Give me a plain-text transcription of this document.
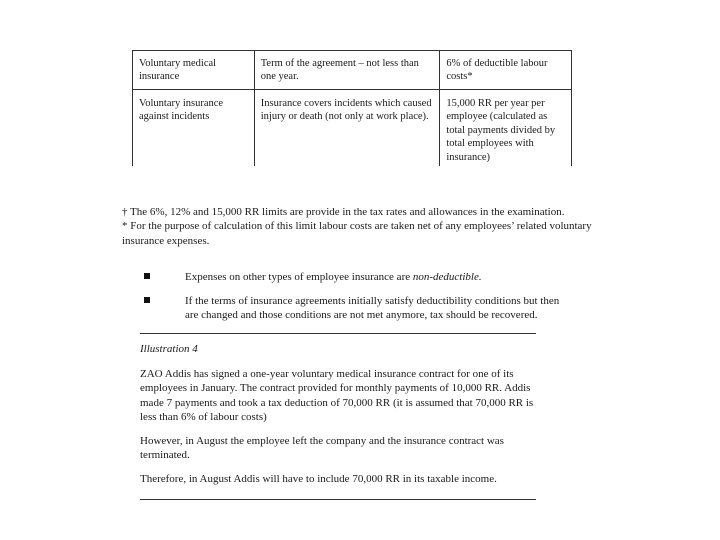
Voluntary medical insurance	Term of the agreement – not less than one year.	6% of deductible labour costs*
Voluntary insurance against incidents	Insurance covers incidents which caused injury or death (not only at work place).	15,000 RR per year per employee (calculated as total payments divided by total employees with insurance)

† The 6%, 12% and 15,000 RR limits are provide in the tax rates and allowances in the examination.

* For the purpose of calculation of this limit labour costs are taken net of any employees’ related voluntary insurance expenses.

Expenses on other types of employee insurance are non-deductible.
If the terms of insurance agreements initially satisfy deductibility conditions but then are changed and those conditions are not met anymore, tax should be recovered.
Illustration 4

ZAO Addis has signed a one-year voluntary medical insurance contract for one of its employees in January. The contract provided for monthly payments of 10,000 RR. Addis made 7 payments and took a tax deduction of 70,000 RR (it is assumed that 70,000 RR is less than 6% of labour costs)

However, in August the employee left the company and the insurance contract was terminated.

Therefore, in August Addis will have to include 70,000 RR in its taxable income.
